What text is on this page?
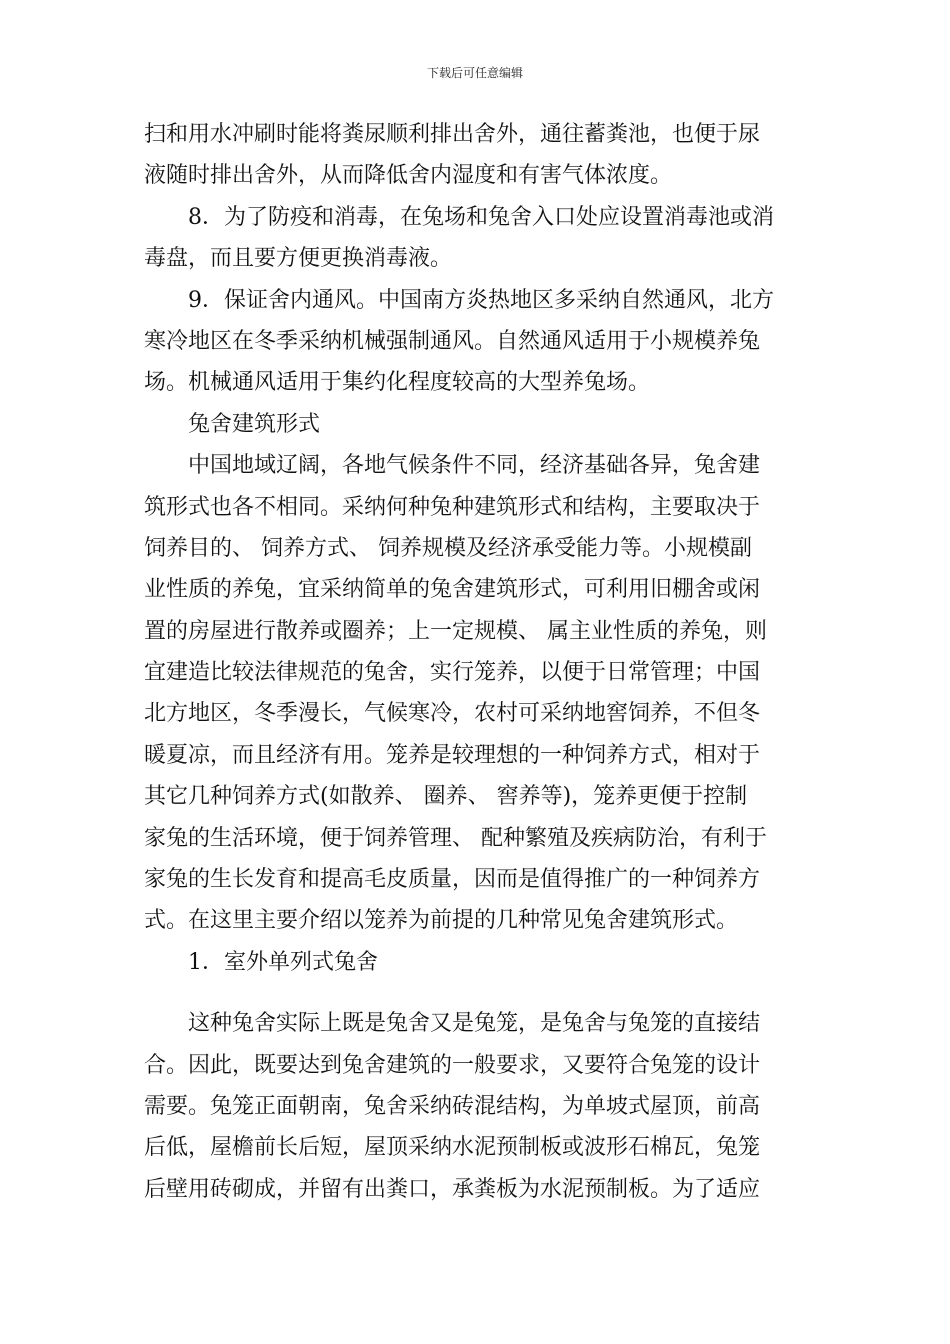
下载后可任意编辑
扫和用水冲刷时能将粪尿顺利排出舍外，通往蓄粪池，也便于尿
液随时排出舍外，从而降低舍内湿度和有害气体浓度。
8．为了防疫和消毒，在兔场和兔舍入口处应设置消毒池或消
毒盘，而且要方便更换消毒液。
9．保证舍内通风。中国南方炎热地区多采纳自然通风，北方
寒冷地区在冬季采纳机械强制通风。自然通风适用于小规模养兔
场。机械通风适用于集约化程度较高的大型养兔场。
兔舍建筑形式
中国地域辽阔，各地气候条件不同，经济基础各异，兔舍建
筑形式也各不相同。采纳何种兔种建筑形式和结构，主要取决于
饲养目的、 饲养方式、 饲养规模及经济承受能力等。小规模副
业性质的养兔，宜采纳简单的兔舍建筑形式，可利用旧棚舍或闲
置的房屋进行散养或圈养；上一定规模、 属主业性质的养兔，则
宜建造比较法律规范的兔舍，实行笼养，以便于日常管理；中国
北方地区，冬季漫长，气候寒冷，农村可采纳地窖饲养，不但冬
暖夏凉，而且经济有用。笼养是较理想的一种饲养方式，相对于
其它几种饲养方式(如散养、 圈养、 窖养等)，笼养更便于控制
家兔的生活环境，便于饲养管理、 配种繁殖及疾病防治，有利于
家兔的生长发育和提高毛皮质量，因而是值得推广的一种饲养方
式。在这里主要介绍以笼养为前提的几种常见兔舍建筑形式。
1．室外单列式兔舍
这种兔舍实际上既是兔舍又是兔笼，是兔舍与兔笼的直接结
合。因此，既要达到兔舍建筑的一般要求，又要符合兔笼的设计
需要。兔笼正面朝南，兔舍采纳砖混结构，为单坡式屋顶，前高
后低，屋檐前长后短，屋顶采纳水泥预制板或波形石棉瓦，兔笼
后壁用砖砌成，并留有出粪口，承粪板为水泥预制板。为了适应
